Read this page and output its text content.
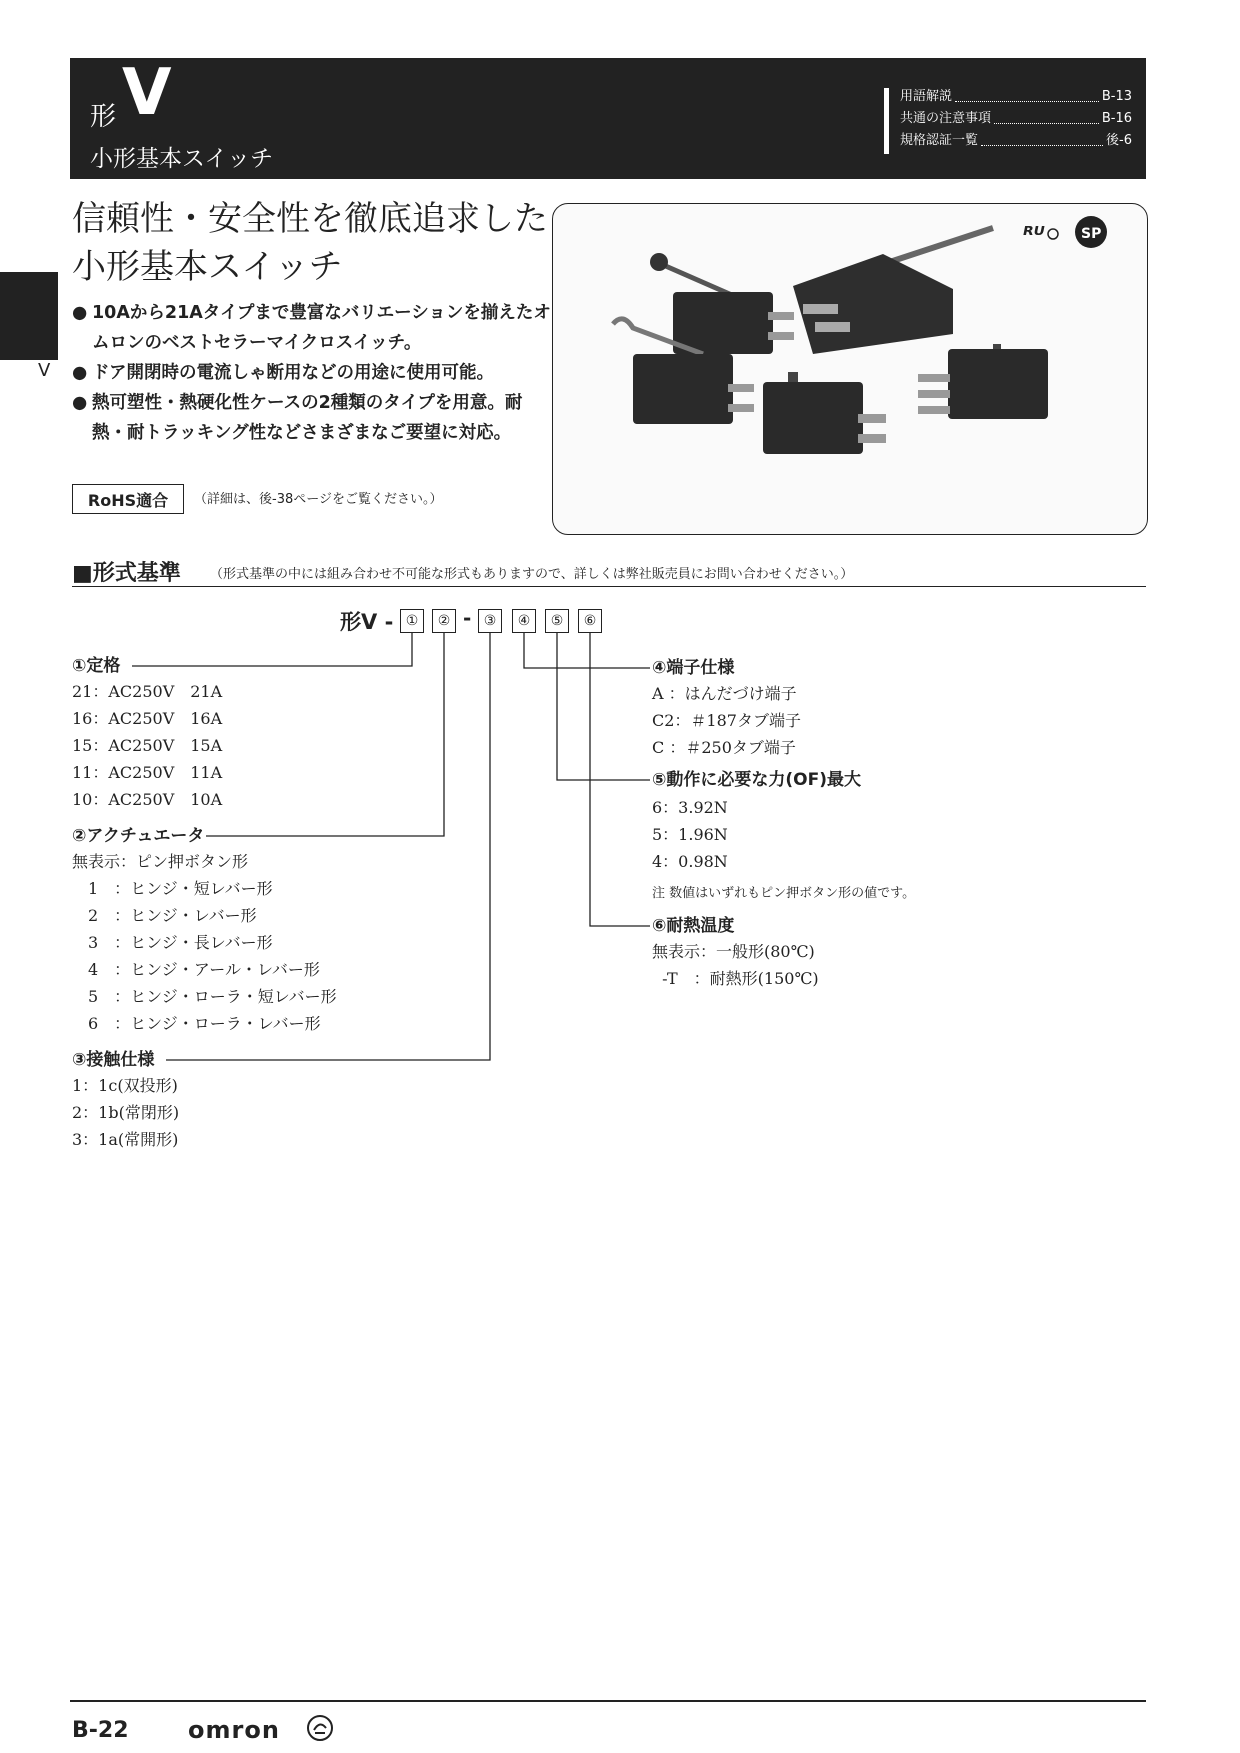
形 V
小形基本スイッチ
用語解説	B-13
共通の注意事項	B-16
規格認証一覧	後-6
V
信頼性・安全性を徹底追求した
小形基本スイッチ
● 10Aから21Aタイプまで豊富なバリエーションを揃えたオムロンのベストセラーマイクロスイッチ。
● ドア開閉時の電流しゃ断用などの用途に使用可能。
● 熱可塑性・熱硬化性ケースの2種類のタイプを用意。耐熱・耐トラッキング性などさまざまなご要望に対応。
RoHS適合	（詳細は、後-38ページをご覧ください。）
ᴿᵁ	SP
■形式基準 （形式基準の中には組み合わせ不可能な形式もありますので、詳しくは弊社販売員にお問い合わせください。）
形V - ①	② - ③	④	⑤	⑥
①定格
21：AC250V　21A
16：AC250V　16A
15：AC250V　15A
11：AC250V　11A
10：AC250V　10A
②アクチュエータ
無表示：ピン押ボタン形
　1　：ヒンジ・短レバー形
　2　：ヒンジ・レバー形
　3　：ヒンジ・長レバー形
　4　：ヒンジ・アール・レバー形
　5　：ヒンジ・ローラ・短レバー形
　6　：ヒンジ・ローラ・レバー形
③接触仕様
1：1c(双投形)
2：1b(常閉形)
3：1a(常開形)
④端子仕様
A ：はんだづけ端子
C2：＃187タブ端子
C ：＃250タブ端子
⑤動作に必要な力(OF)最大
6：3.92N
5：1.96N
4：0.98N
注 数値はいずれもピン押ボタン形の値です。
⑥耐熱温度
無表示：一般形(80℃)
-T　：耐熱形(150℃)
B-22 omron
